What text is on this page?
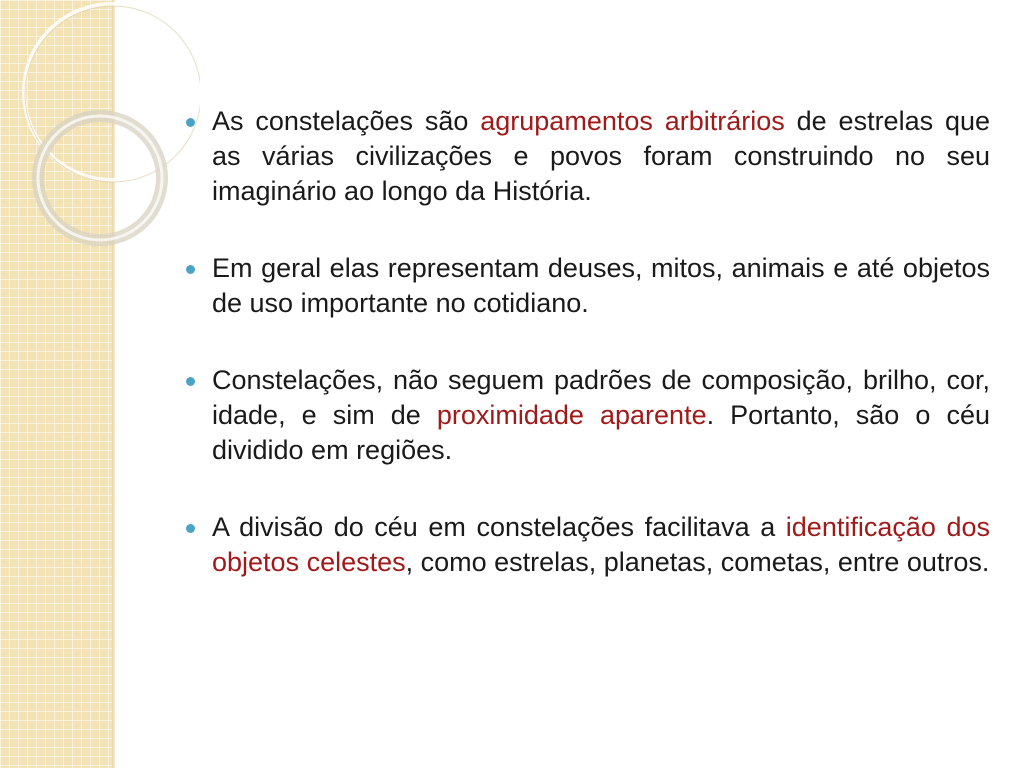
As constelações são agrupamentos arbitrários de estrelas que as várias civilizações e povos foram construindo no seu imaginário ao longo da História.
Em geral elas representam deuses, mitos, animais e até objetos de uso importante no cotidiano.
Constelações, não seguem padrões de composição, brilho, cor, idade, e sim de proximidade aparente. Portanto, são o céu dividido em regiões.
A divisão do céu em constelações facilitava a identificação dos objetos celestes, como estrelas, planetas, cometas, entre outros.
